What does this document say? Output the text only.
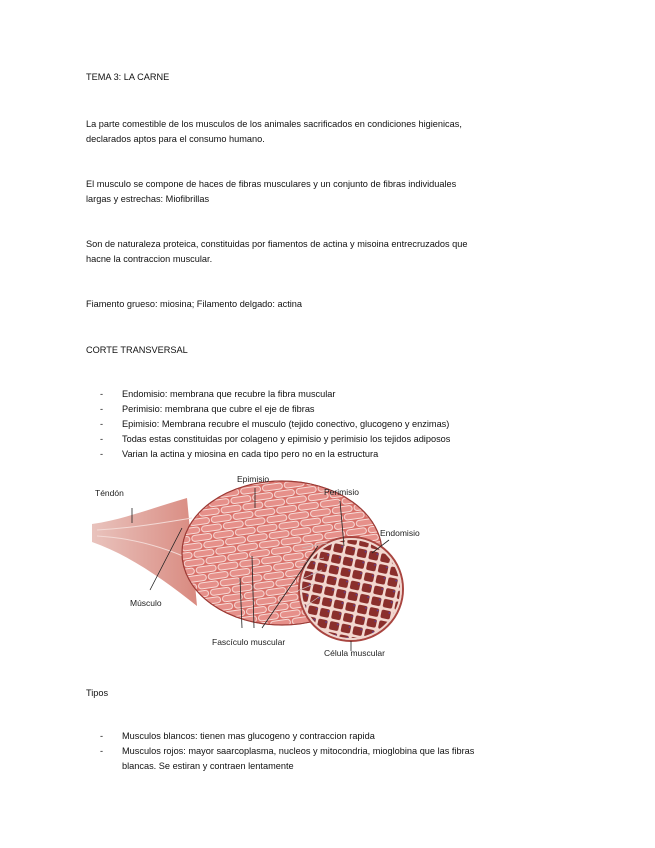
TEMA 3: LA CARNE
La parte comestible de los musculos de los animales sacrificados en condiciones higienicas,
declarados aptos para el consumo humano.
El musculo se compone de haces de fibras musculares y un conjunto de fibras individuales
largas y estrechas: Miofibrillas
Son de naturaleza proteica, constituidas por fiamentos de actina y misoina entrecruzados que
hacne la contraccion muscular.
Fiamento grueso: miosina; Filamento delgado: actina
CORTE TRANSVERSAL
- Endomisio: membrana que recubre la fibra muscular
- Perimisio: membrana que cubre el eje de fibras
- Epimisio: Membrana recubre el musculo (tejido conectivo, glucogeno y enzimas)
- Todas estas constituidas por colageno y epimisio y perimisio los tejidos adiposos
- Varian la actina y miosina en cada tipo pero no en la estructura
Téndón
Epimisio
Perimisio
Endomisio
Músculo
Fascículo muscular
Célula muscular
Tipos
- Musculos blancos: tienen mas glucogeno y contraccion rapida
- Musculos rojos: mayor saarcoplasma, nucleos y mitocondria, mioglobina que las fibras
blancas. Se estiran y contraen lentamente
